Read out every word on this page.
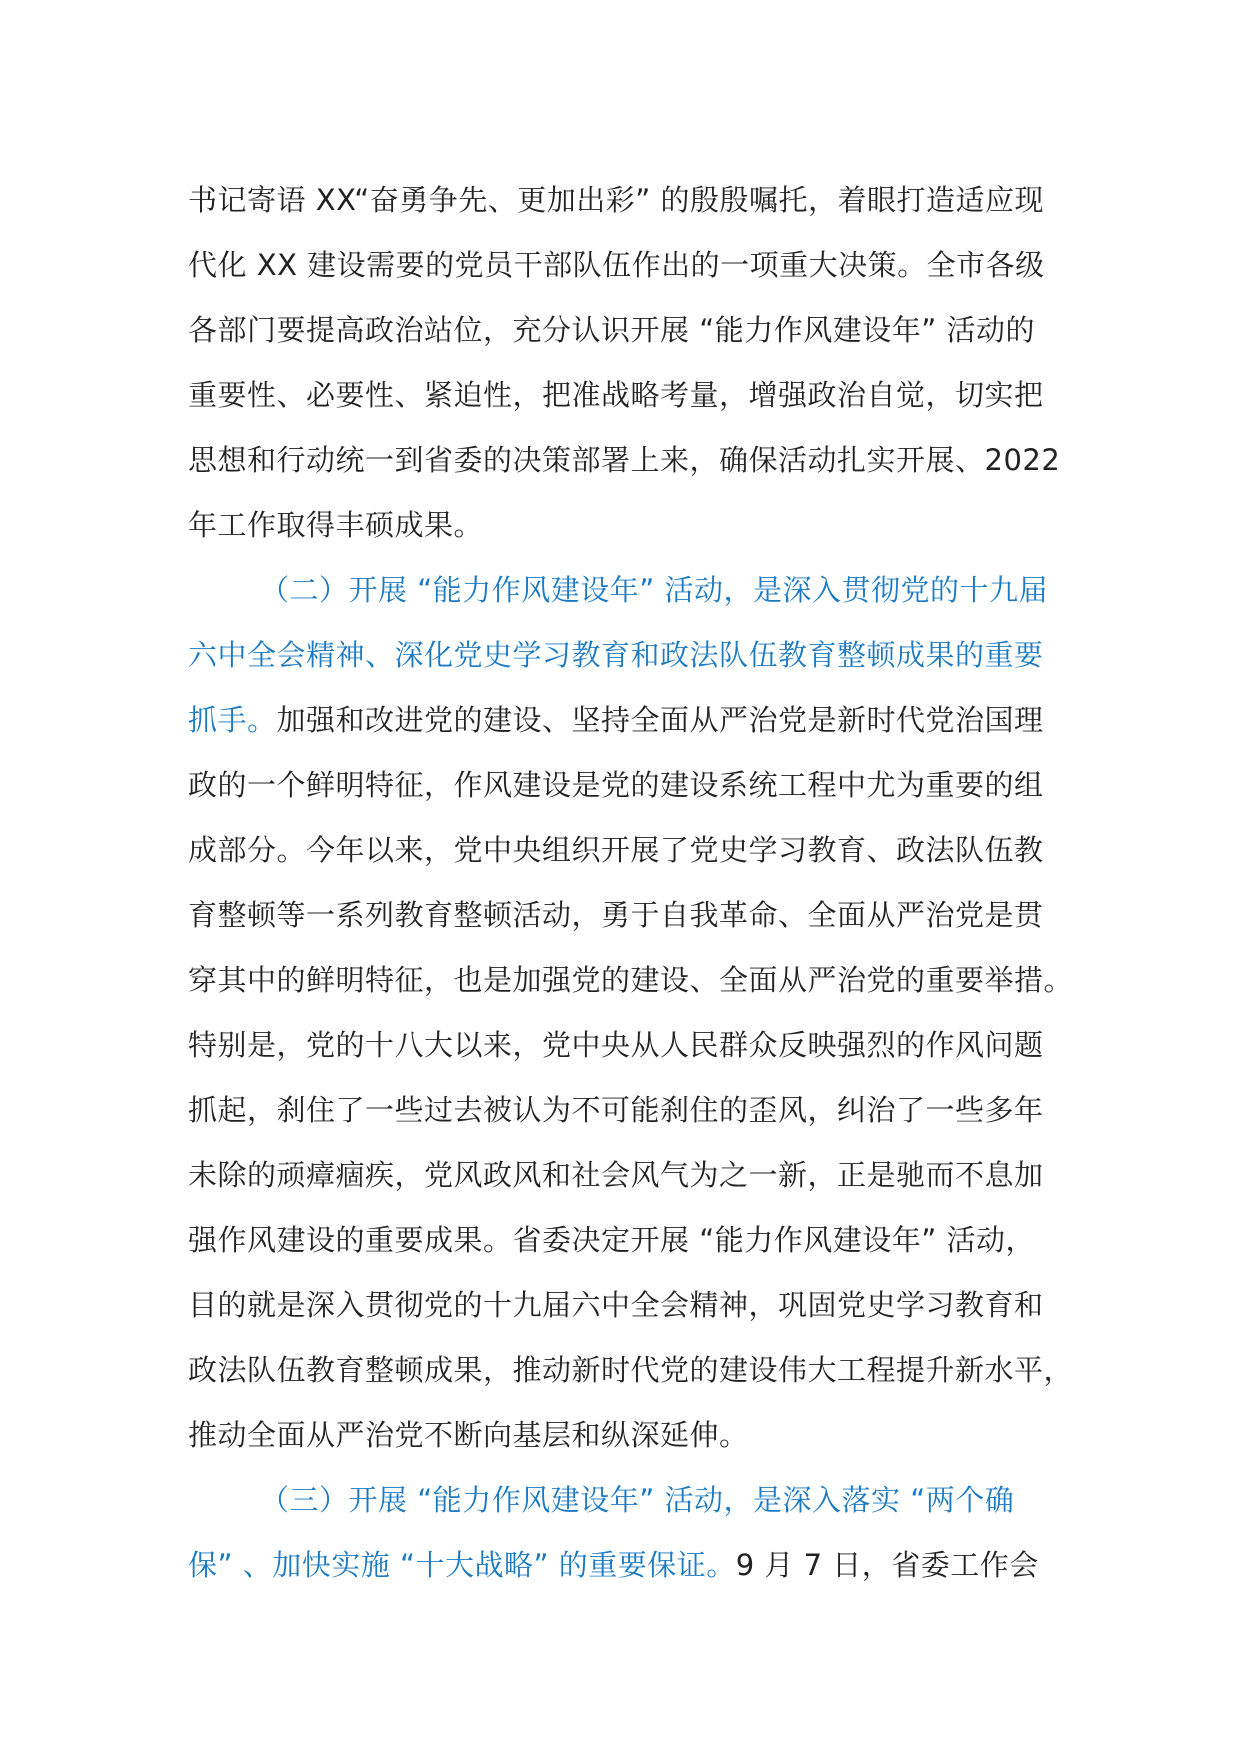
书记寄语 XX“奋勇争先、更加出彩” 的殷殷嘱托，着眼打造适应现
代化 XX 建设需要的党员干部队伍作出的一项重大决策。全市各级
各部门要提高政治站位，充分认识开展 “能力作风建设年” 活动的
重要性、必要性、紧迫性，把准战略考量，增强政治自觉，切实把
思想和行动统一到省委的决策部署上来，确保活动扎实开展、2022
年工作取得丰硕成果。
（二）开展 “能力作风建设年” 活动，是深入贯彻党的十九届
六中全会精神、深化党史学习教育和政法队伍教育整顿成果的重要
抓手。加强和改进党的建设、坚持全面从严治党是新时代党治国理
政的一个鲜明特征，作风建设是党的建设系统工程中尤为重要的组
成部分。今年以来，党中央组织开展了党史学习教育、政法队伍教
育整顿等一系列教育整顿活动，勇于自我革命、全面从严治党是贯
穿其中的鲜明特征，也是加强党的建设、全面从严治党的重要举措。
特别是，党的十八大以来，党中央从人民群众反映强烈的作风问题
抓起，刹住了一些过去被认为不可能刹住的歪风，纠治了一些多年
未除的顽瘴痼疾，党风政风和社会风气为之一新，正是驰而不息加
强作风建设的重要成果。省委决定开展 “能力作风建设年” 活动，
目的就是深入贯彻党的十九届六中全会精神，巩固党史学习教育和
政法队伍教育整顿成果，推动新时代党的建设伟大工程提升新水平，
推动全面从严治党不断向基层和纵深延伸。
（三）开展 “能力作风建设年” 活动，是深入落实 “两个确
保” 、加快实施 “十大战略” 的重要保证。9 月 7 日，省委工作会
